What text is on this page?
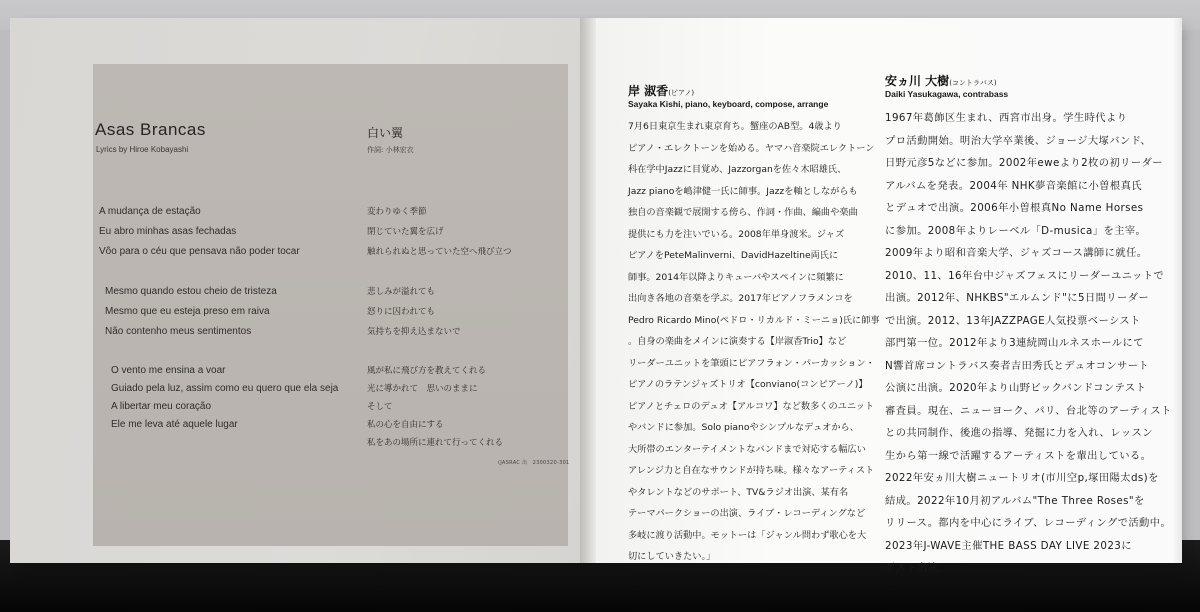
Asas Brancas
Lyrics by Hiroe Kobayashi
白い翼
作詞: 小林宏衣
A mudança de estação
Eu abro minhas asas fechadas
Vôo para o céu que pensava não poder tocar
Mesmo quando estou cheio de tristeza
Mesmo que eu esteja preso em raiva
Não contenho meus sentimentos
O vento me ensina a voar
Guiado pela luz, assim como eu quero que ela seja
A libertar meu coração
Ele me leva até aquele lugar
変わりゆく季節
閉じていた翼を広げ
触れられぬと思っていた空へ飛び立つ
悲しみが溢れても
怒りに囚われても
気持ちを抑え込まないで
風が私に飛び方を教えてくれる
光に導かれて　思いのままに
そして
私の心を自由にする
私をあの場所に連れて行ってくれる
(JASRAC 出　2300320-301
岸 淑香(ピアノ)
Sayaka Kishi, piano, keyboard, compose, arrange
7月6日東京生まれ東京育ち。蟹座のAB型。4歳より
ピアノ・エレクトーンを始める。ヤマハ音楽院エレクトーン
科在学中Jazzに目覚め、Jazzorganを佐々木昭雄氏、
Jazz pianoを嶋津健一氏に師事。Jazzを軸としながらも
独自の音楽観で展開する傍ら、作詞・作曲、編曲や楽曲
提供にも力を注いでいる。2008年単身渡米。ジャズ
ピアノをPeteMalinverni、DavidHazeltine両氏に
師事。2014年以降よりキューバやスペインに頻繁に
出向き各地の音楽を学ぶ。2017年ピアノフラメンコを
Pedro Ricardo Mino(ペドロ・リカルド・ミーニョ)氏に師事
。自身の楽曲をメインに演奏する【岸淑香Trio】など
リーダーユニットを筆頭にピアフラォン・パーカッション・
ピアノのラテンジャズトリオ【conviano(コンピアーノ)】
ピアノとチェロのデュオ【アルコワ】など数多くのユニット
やバンドに参加。Solo pianoやシンプルなデュオから、
大所帯のエンターテイメントなバンドまで対応する幅広い
アレンジ力と自在なサウンドが持ち味。様々なアーティスト
やタレントなどのサポート、TV&ラジオ出演、某有名
テーマパークショーの出演、ライブ・レコーディングなど
多岐に渡り活動中。モットーは「ジャンル問わず歌心を大
切にしていきたい。」
安ヵ川 大樹(コントラバス)
Daiki Yasukagawa, contrabass
1967年葛飾区生まれ、西宮市出身。学生時代より
プロ活動開始。明治大学卒業後、ジョージ大塚バンド、
日野元彦5などに参加。2002年eweより2枚の初リーダー
アルバムを発表。2004年 NHK夢音楽館に小曽根真氏
とデュオで出演。2006年小曽根真No Name Horses
に参加。2008年よりレーベル「D-musica」を主宰。
2009年より昭和音楽大学、ジャズコース講師に就任。
2010、11、16年台中ジャズフェスにリーダーユニットで
出演。2012年、NHKBS"エルムンド"に5日間リーダー
で出演。2012、13年JAZZPAGE人気投票ベーシスト
部門第一位。2012年より3連続岡山ルネスホールにて
N響首席コントラバス奏者吉田秀氏とデュオコンサート
公演に出演。2020年より山野ビックバンドコンテスト
審査員。現在、ニューヨーク、パリ、台北等のアーティスト
との共同制作、後進の指導、発掘に力を入れ、レッスン
生から第一線で活躍するアーティストを輩出している。
2022年安ヵ川大樹ニュートリオ(市川空p,塚田陽太ds)を
結成。2022年10月初アルバム"The Three Roses"を
リリース。都内を中心にライブ、レコーディングで活動中。
2023年J-WAVE主催THE BASS DAY LIVE 2023に
ゲスト出演。
